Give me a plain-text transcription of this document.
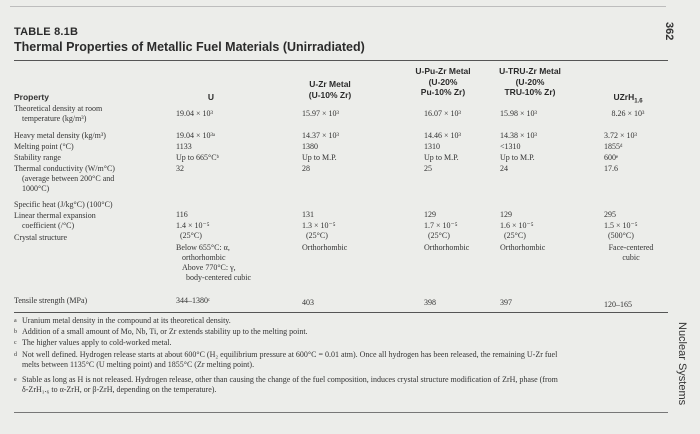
362
Nuclear Systems
TABLE 8.1B
Thermal Properties of Metallic Fuel Materials (Unirradiated)
Property	U
U-Zr Metal
(U-10% Zr)
U-Pu-Zr Metal
(U-20%
Pu-10% Zr)
U-TRU-Zr Metal
(U-20%
TRU-10% Zr)	UZrH$_{1.6}$
Theoretical density at room
temperature (kg/m³)
Heavy metal density (kg/m³)
Melting point (°C)
Stability range
Thermal conductivity (W/m°C)
(average between 200°C and
1000°C)
Specific heat (J/kg°C) (100°C)
Linear thermal expansion
coefficient (/°C)
Crystal structure
Tensile strength (MPa)
19.04 × 10³
19.04 × 10³ᵃ
1133
Up to 665°Cᵇ
32
116
1.4 × 10⁻⁵
(25°C)
Below 655°C: α,
orthorhombic
Above 770°C: γ,
body-centered cubic
344–1380ᶜ
15.97 × 10³
14.37 × 10³
1380
Up to M.P.
28
131
1.3 × 10⁻⁵
(25°C)
Orthorhombic
403
16.07 × 10³
14.46 × 10³
1310
Up to M.P.
25
129
1.7 × 10⁻⁵
(25°C)
Orthorhombic
398
15.98 × 10³
14.38 × 10³
<1310
Up to M.P.
24
129
1.6 × 10⁻⁵
(25°C)
Orthorhombic
397
8.26 × 10³
3.72 × 10³
1855ᵈ
600ᵉ
17.6
295
1.5 × 10⁻⁵
(500°C)
Face-centered
cubic
120–165
a Uranium metal density in the compound at its theoretical density.
b Addition of a small amount of Mo, Nb, Ti, or Zr extends stability up to the melting point.
c The higher values apply to cold-worked metal.
d Not well defined. Hydrogen release starts at about 600°C (H₂ equilibrium pressure at 600°C = 0.01 atm). Once all hydrogen has been released, the remaining U-Zr fuel
melts between 1135°C (U melting point) and 1855°C (Zr melting point).
e Stable as long as H is not released. Hydrogen release, other than causing the change of the fuel composition, induces crystal structure modification of ZrH, phase (from
δ-ZrH₁.₆ to α-ZrH, or β-ZrH, depending on the temperature).
